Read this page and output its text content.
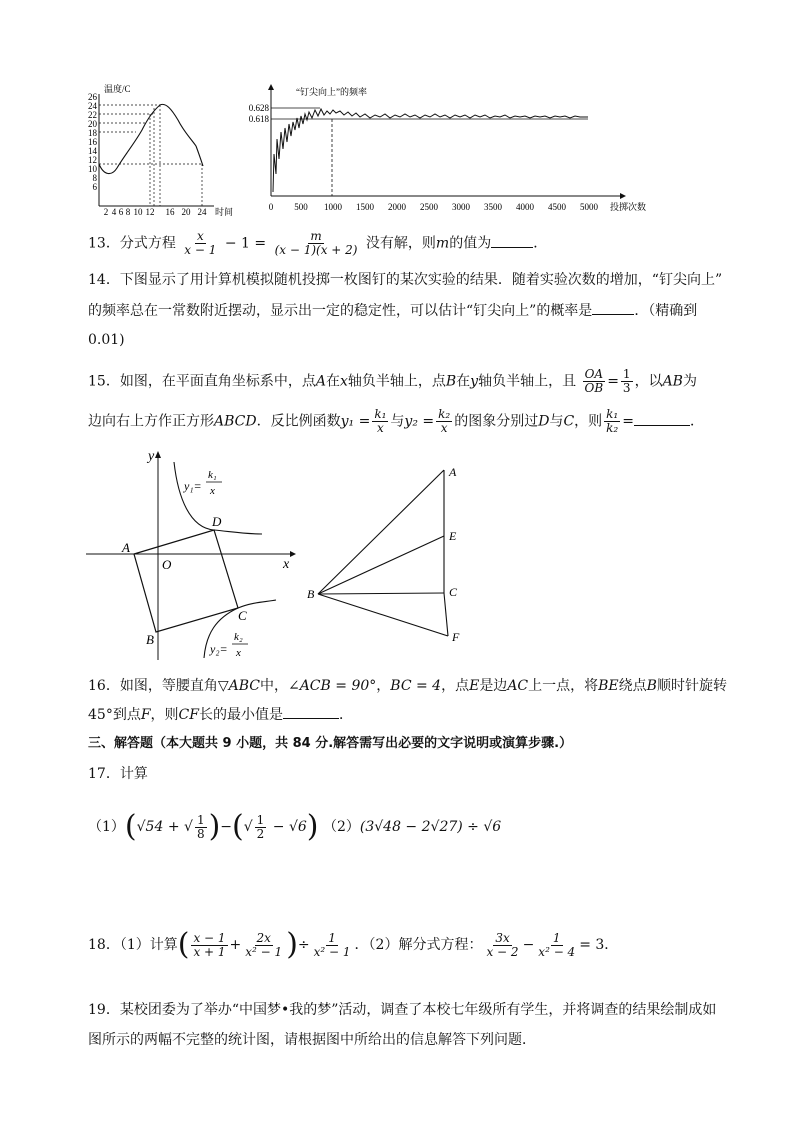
温度/C
26
24
22
20
18
16
14
12
10
8
6
2 4 6 8 10 12 16 20 24 时间
“钉尖向上”的频率
0.628
0.618
0 500 1000 1500 2000 2500 3000 3500 4000 4500 5000 投掷次数
13．分式方程 $\frac{x}{x - 1} - 1 = \frac{m}{(x - 1)(x + 2)}$ 没有解，则m的值为	．
14．下图显示了用计算机模拟随机投掷一枚图钉的某次实验的结果．随着实验次数的增加，“钉尖向上”
的频率总在一常数附近摆动，显示出一定的稳定性，可以估计“钉尖向上”的概率是	．（精确到
0.01)
15．如图，在平面直角坐标系中，点A在x轴负半轴上，点B在y轴负半轴上，且 $\frac{OA}{OB} = \frac{1}{3}$ ，以AB为
边向右上方作正方形ABCD．反比例函数$y_1 = \frac{\text{k₁}}{x}$ 与$y_2 = \frac{\text{k₂}}{x}$ 的图象分别过D与C，则 $\frac{\text{k₁}}{\text{k₂}}$ =	．
y
x
O
A
D
C
B
y₁=
k₁
x
y₂=
k₂
x
A
E
B	C
F
16．如图，等腰直角▽ABC中，∠ACB = 90°，BC = 4，点E是边AC上一点，将BE绕点B顺时针旋转
45°到点F，则CF长的最小值是	．
三、解答题（本大题共 9 小题，共 84 分.解答需写出必要的文字说明或演算步骤.）
17．计算
（1）(√54 + √ $\frac{1}{8}$ )−(√ $\frac{1}{2} - √6$) （2）(3√48 − 2√27) ÷ √6
18．（1）计算( $\frac{x - 1}{x + 1} + \frac{2x}{\text{x² − 1}}$ )÷ $\frac{1}{\text{x² − 1}}$ ．（2）解分式方程： $\frac{3x}{x - 2} - \frac{1}{\text{x² − 4}} = 3$．
19．某校团委为了举办“中国梦•我的梦”活动，调查了本校七年级所有学生，并将调查的结果绘制成如
图所示的两幅不完整的统计图，请根据图中所给出的信息解答下列问题．
